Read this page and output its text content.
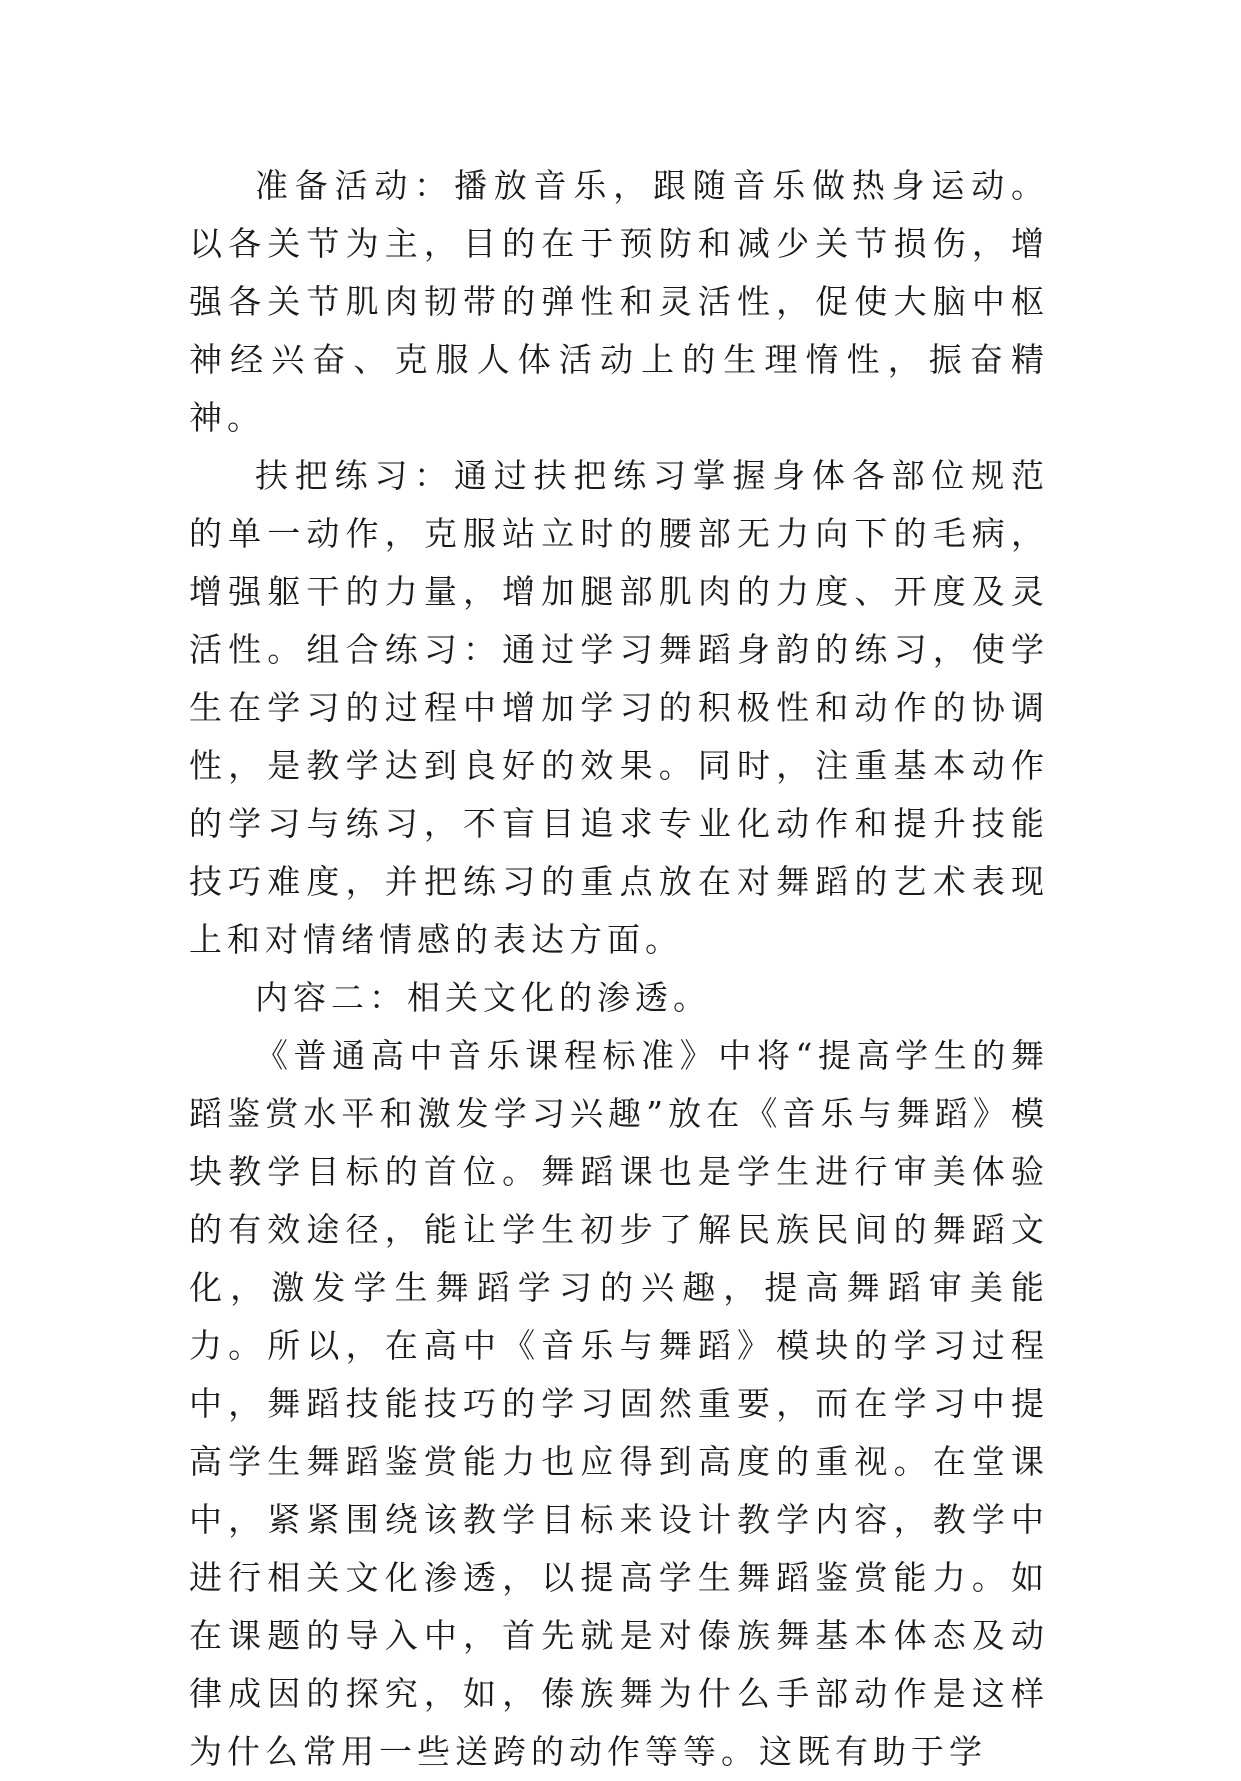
准备活动：播放音乐，跟随音乐做热身运动。以各关节为主，目的在于预防和减少关节损伤，增强各关节肌肉韧带的弹性和灵活性，促使大脑中枢神经兴奋、克服人体活动上的生理惰性，振奋精神。

扶把练习：通过扶把练习掌握身体各部位规范的单一动作，克服站立时的腰部无力向下的毛病，增强躯干的力量，增加腿部肌肉的力度、开度及灵活性。组合练习：通过学习舞蹈身韵的练习，使学生在学习的过程中增加学习的积极性和动作的协调性，是教学达到良好的效果。同时，注重基本动作的学习与练习，不盲目追求专业化动作和提升技能技巧难度，并把练习的重点放在对舞蹈的艺术表现上和对情绪情感的表达方面。

内容二：相关文化的渗透。

《普通高中音乐课程标准》中将“提高学生的舞蹈鉴赏水平和激发学习兴趣”放在《音乐与舞蹈》模块教学目标的首位。舞蹈课也是学生进行审美体验的有效途径，能让学生初步了解民族民间的舞蹈文化，激发学生舞蹈学习的兴趣，提高舞蹈审美能力。所以，在高中《音乐与舞蹈》模块的学习过程中，舞蹈技能技巧的学习固然重要，而在学习中提高学生舞蹈鉴赏能力也应得到高度的重视。在堂课中，紧紧围绕该教学目标来设计教学内容，教学中进行相关文化渗透，以提高学生舞蹈鉴赏能力。如在课题的导入中，首先就是对傣族舞基本体态及动律成因的探究，如，傣族舞为什么手部动作是这样为什么常用一些送跨的动作等等。这既有助于学
